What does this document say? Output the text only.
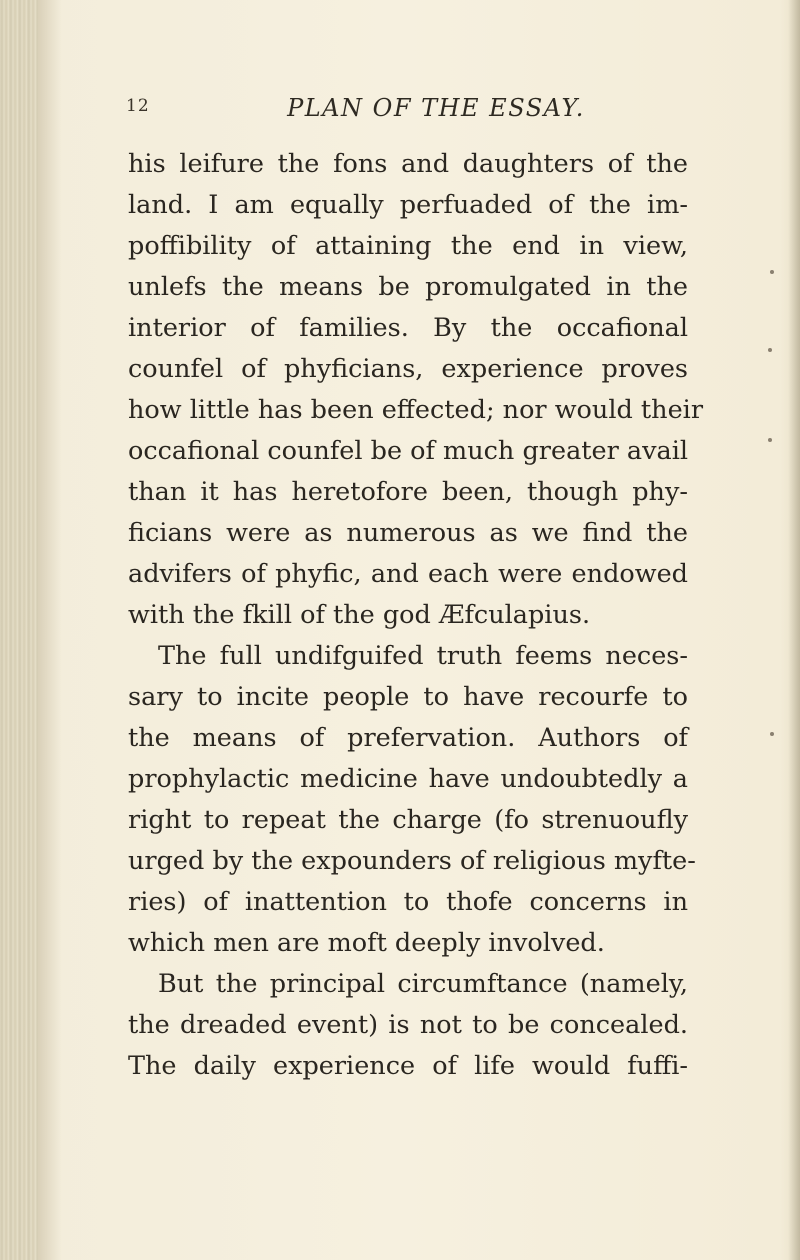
12	PLAN OF THE ESSAY.
his leifure the fons and daughters of the
land. I am equally perfuaded of the im-
poffibility of attaining the end in view,
unlefs the means be promulgated in the
interior of families. By the occafional
counfel of phyficians, experience proves
how little has been effected; nor would their
occafional counfel be of much greater avail
than it has heretofore been, though phy-
ficians were as numerous as we find the
advifers of phyfic, and each were endowed
with the fkill of the god Æfculapius.
The full undifguifed truth feems neces-
sary to incite people to have recourfe to
the means of prefervation. Authors of
prophylactic medicine have undoubtedly a
right to repeat the charge (fo strenuoufly
urged by the expounders of religious myfte-
ries) of inattention to thofe concerns in
which men are moft deeply involved.
But the principal circumftance (namely,
the dreaded event) is not to be concealed.
The daily experience of life would fuffi-
